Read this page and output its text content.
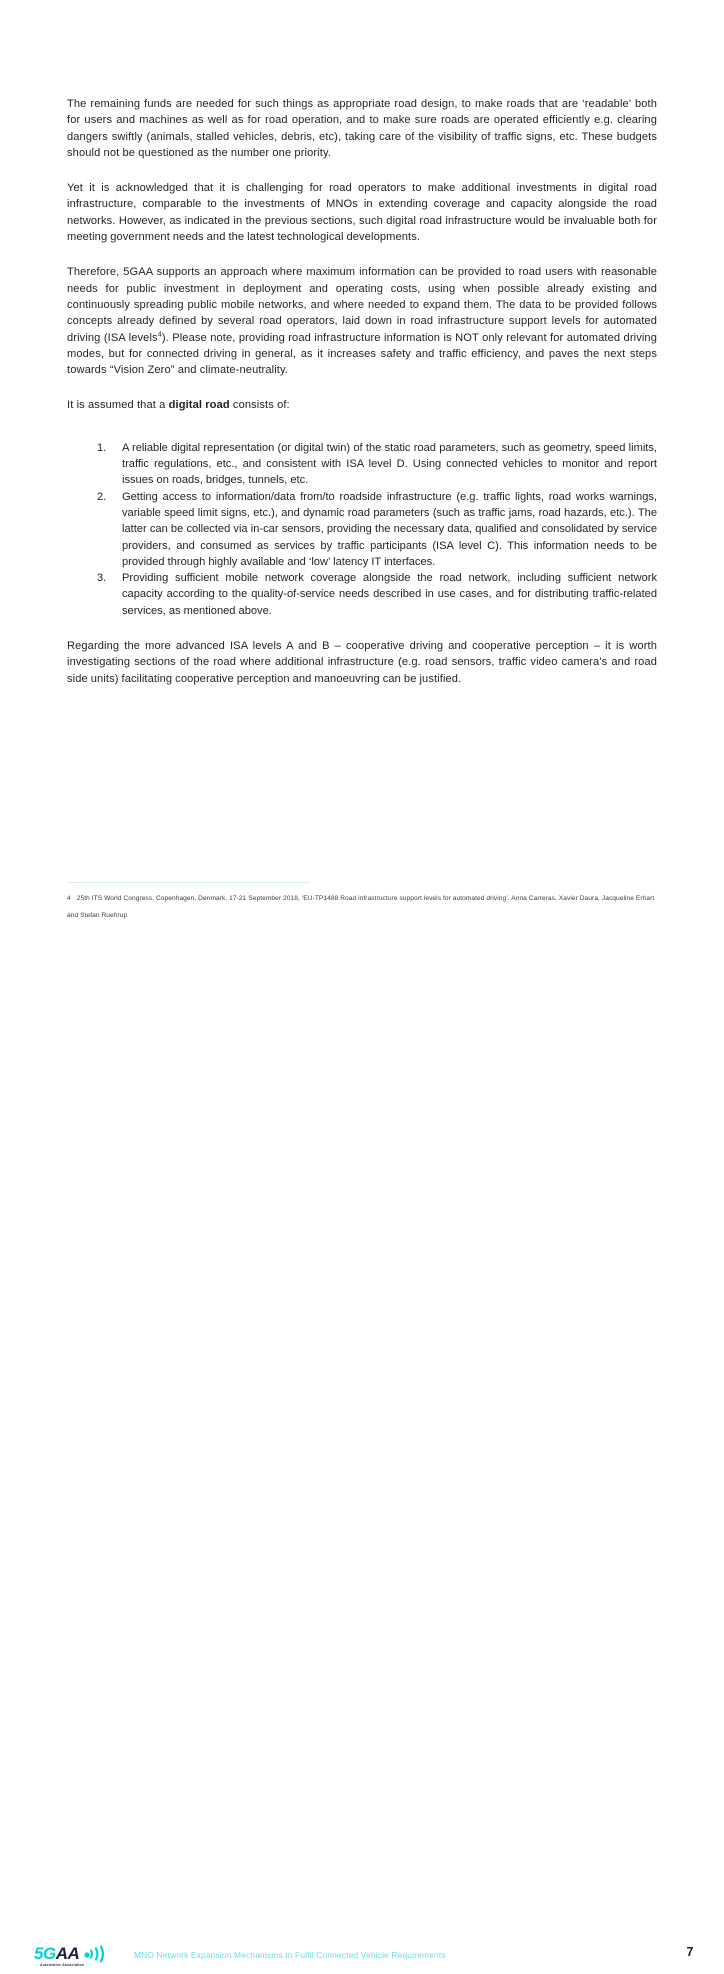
The remaining funds are needed for such things as appropriate road design, to make roads that are ‘readable’ both for users and machines as well as for road operation, and to make sure roads are operated efficiently e.g. clearing dangers swiftly (animals, stalled vehicles, debris, etc), taking care of the visibility of traffic signs, etc. These budgets should not be questioned as the number one priority.

Yet it is acknowledged that it is challenging for road operators to make additional investments in digital road infrastructure, comparable to the investments of MNOs in extending coverage and capacity alongside the road networks. However, as indicated in the previous sections, such digital road infrastructure would be invaluable both for meeting government needs and the latest technological developments.

Therefore, 5GAA supports an approach where maximum information can be provided to road users with reasonable needs for public investment in deployment and operating costs, using when possible already existing and continuously spreading public mobile networks, and where needed to expand them. The data to be provided follows concepts already defined by several road operators, laid down in road infrastructure support levels for automated driving (ISA levels$^4$). Please note, providing road infrastructure information is NOT only relevant for automated driving modes, but for connected driving in general, as it increases safety and traffic efficiency, and paves the next steps towards “Vision Zero” and climate-neutrality.

It is assumed that a digital road consists of:

A reliable digital representation (or digital twin) of the static road parameters, such as geometry, speed limits, traffic regulations, etc., and consistent with ISA level D. Using connected vehicles to monitor and report issues on roads, bridges, tunnels, etc.
Getting access to information/data from/to roadside infrastructure (e.g. traffic lights, road works warnings, variable speed limit signs, etc.), and dynamic road parameters (such as traffic jams, road hazards, etc.). The latter can be collected via in-car sensors, providing the necessary data, qualified and consolidated by service providers, and consumed as services by traffic participants (ISA level C). This information needs to be provided through highly available and ‘low’ latency IT interfaces.
Providing sufficient mobile network coverage alongside the road network, including sufficient network capacity according to the quality-of-service needs described in use cases, and for distributing traffic-related services, as mentioned above.

Regarding the more advanced ISA levels A and B – cooperative driving and cooperative perception – it is worth investigating sections of the road where additional infrastructure (e.g. road sensors, traffic video camera’s and road side units) facilitating cooperative perception and manoeuvring can be justified.

4 25th ITS World Congress, Copenhagen, Denmark, 17-21 September 2018, ‘EU-TP1488 Road infrastructure support levels for automated driving’, Anna Carreras, Xavier Daura, Jacqueline Erhart and Stefan Ruehrup
5GAA
Automotive Association
MNO Network Expansion Mechanisms to Fulfil Connected Vehicle Requirements	7
